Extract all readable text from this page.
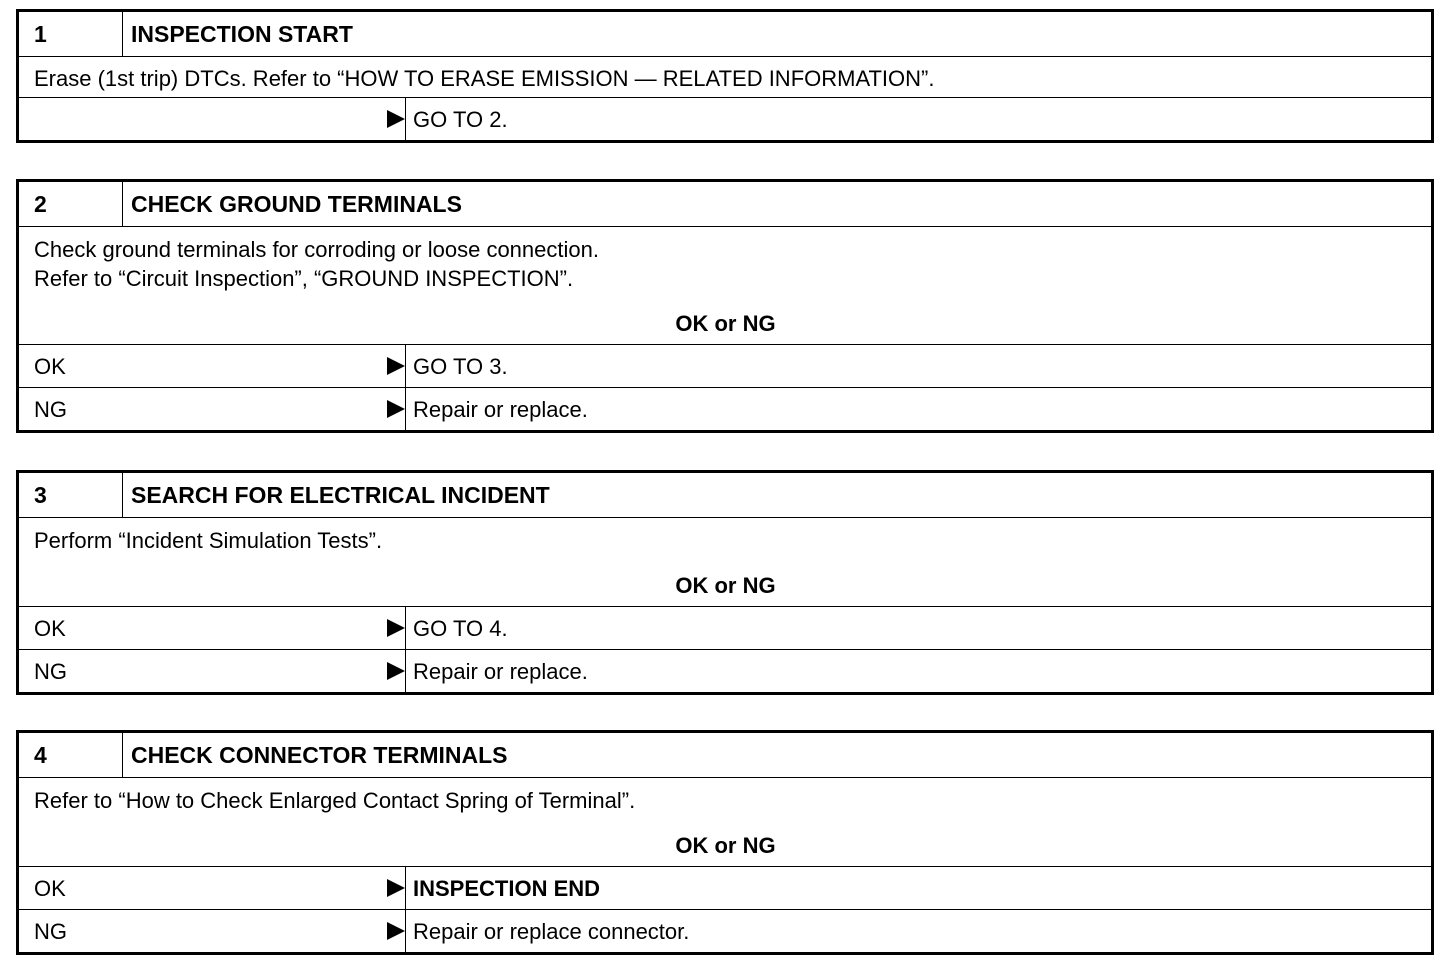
1	INSPECTION START
Erase (1st trip) DTCs. Refer to “HOW TO ERASE EMISSION — RELATED INFORMATION”.
GO TO 2.
2	CHECK GROUND TERMINALS
Check ground terminals for corroding or loose connection.
Refer to “Circuit Inspection”, “GROUND INSPECTION”.
OK or NG
OK	GO TO 3.
NG	Repair or replace.
3	SEARCH FOR ELECTRICAL INCIDENT
Perform “Incident Simulation Tests”.
OK or NG
OK	GO TO 4.
NG	Repair or replace.
4	CHECK CONNECTOR TERMINALS
Refer to “How to Check Enlarged Contact Spring of Terminal”.
OK or NG
OK	INSPECTION END
NG	Repair or replace connector.
